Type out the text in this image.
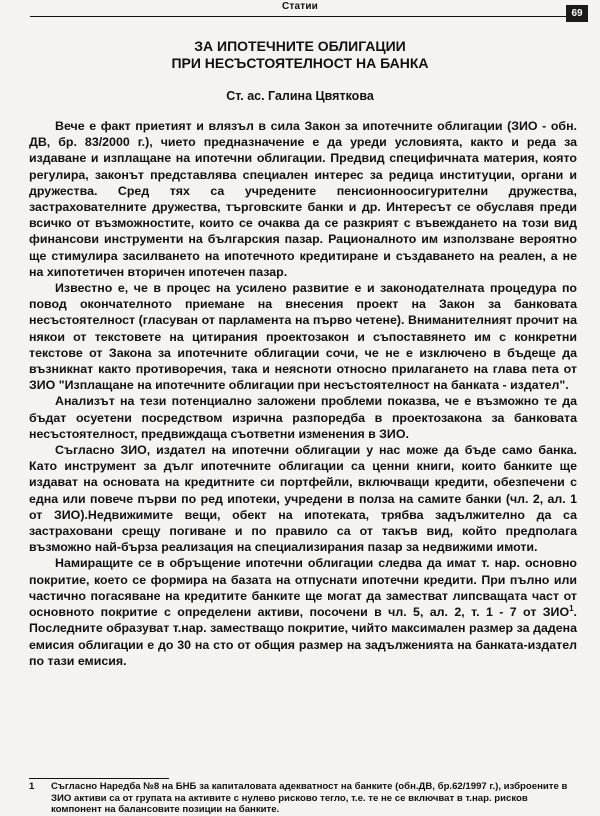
Статии
69
ЗА ИПОТЕЧНИТЕ ОБЛИГАЦИИ
ПРИ НЕСЪСТОЯТЕЛНОСТ НА БАНКА
Ст. ас. Галина Цвяткова

Вече е факт приетият и влязъл в сила Закон за ипотечните облигации (ЗИО - обн. ДВ, бр. 83/2000 г.), чието предназначение е да уреди условията, както и реда за издаване и изплащане на ипотечни облигации. Предвид специфичната материя, която регулира, законът представлява специален интерес за редица институции, органи и дружества. Сред тях са учредените пенсионноосигурителни дружества, застрахователните дружества, търговските банки и др. Интересът се обуславя преди всичко от възможностите, които се очаква да се разкрият с въвеждането на този вид финансови инструменти на българския пазар. Рационалното им използване вероятно ще стимулира засилването на ипотечното кредитиране и създаването на реален, а не на хипотетичен вторичен ипотечен пазар.

Известно е, че в процес на усилено развитие е и законодателната процедура по повод окончателното приемане на внесения проект на Закон за банковата несъстоятелност (гласуван от парламента на първо четене). Вниманителният прочит на някои от текстовете на цитирания проектозакон и съпоставянето им с конкретни текстове от Закона за ипотечните облигации сочи, че не е изключено в бъдеще да възникнат както противоречия, така и неясноти относно прилагането на глава пета от ЗИО "Изплащане на ипотечните облигации при несъстоятелност на банката - издател".

Анализът на тези потенциално заложени проблеми показва, че е възможно те да бъдат осуетени посредством изрична разпоредба в проектозакона за банковата несъстоятелност, предвиждаща съответни изменения в ЗИО.

Съгласно ЗИО, издател на ипотечни облигации у нас може да бъде само банка. Като инструмент за дълг ипотечните облигации са ценни книги, които банките ще издават на основата на кредитните си портфейли, включващи кредити, обезпечени с една или повече първи по ред ипотеки, учредени в полза на самите банки (чл. 2, ал. 1 от ЗИО).Недвижимите вещи, обект на ипотеката, трябва задължително да са застраховани срещу погиване и по правило са от такъв вид, който предполага възможно най-бърза реализация на специализирания пазар за недвижими имоти.

Намиращите се в обръщение ипотечни облигации следва да имат т. нар. основно покритие, което се формира на базата на отпуснати ипотечни кредити. При пълно или частично погасяване на кредитите банките ще могат да заместват липсващата част от основното покритие с определени активи, посочени в чл. 5, ал. 2, т. 1 - 7 от ЗИО$^1$. Последните образуват т.нар. заместващо покритие, чийто максимален размер за дадена емисия облигации е до 30 на сто от общия размер на задълженията на банката-издател по тази емисия.

1	Съгласно Наредба №8 на БНБ за капиталовата адекватност на банките (обн.ДВ, бр.62/1997 г.), изброените в ЗИО активи са от групата на активите с нулево рисково тегло, т.е. те не се включват в т.нар. рисков компонент на балансовите позиции на банките.
